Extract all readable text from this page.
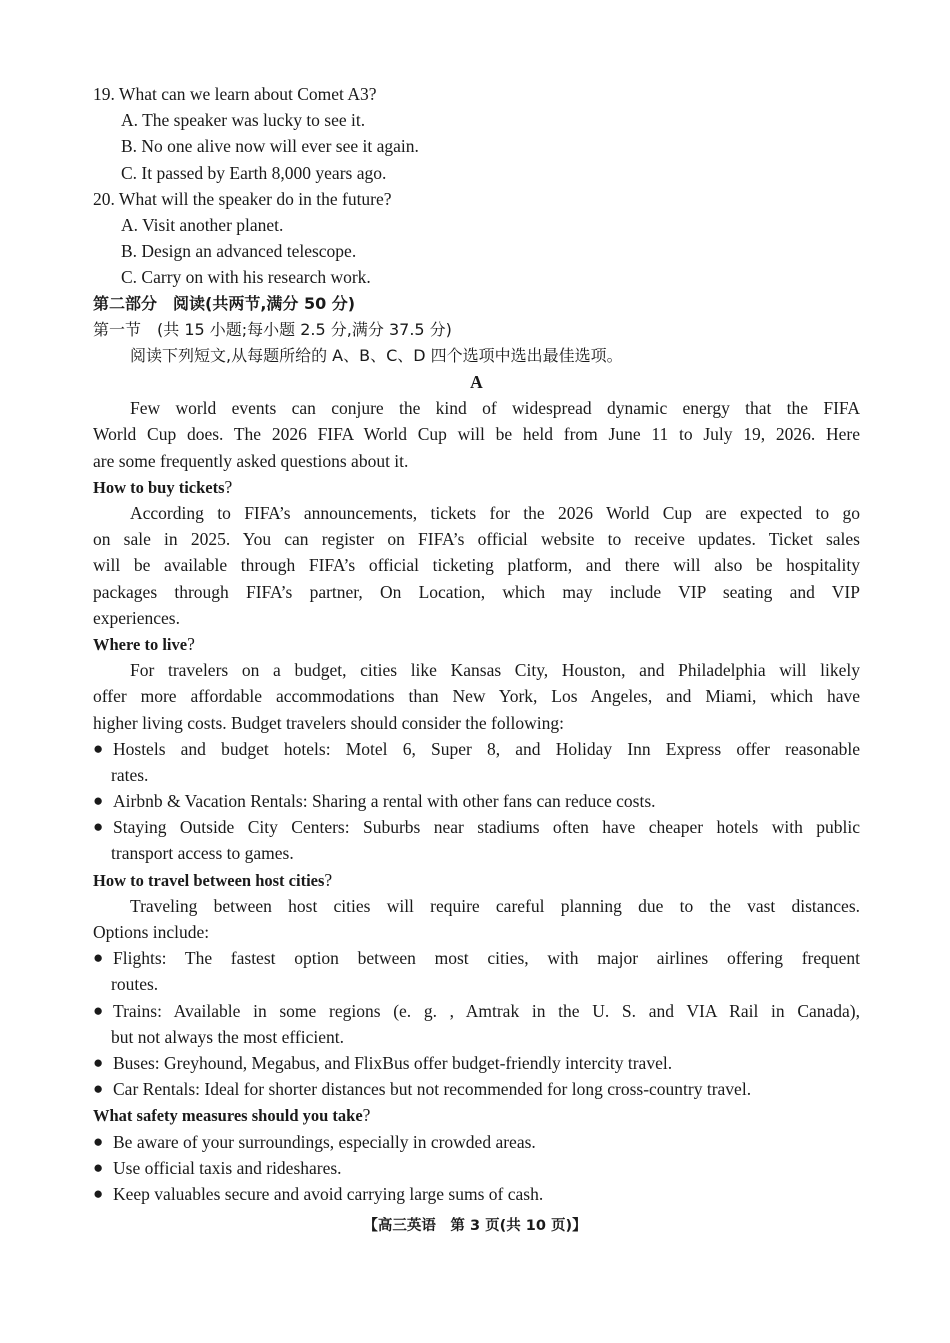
19. What can we learn about Comet A3?
A. The speaker was lucky to see it.
B. No one alive now will ever see it again.
C. It passed by Earth 8,000 years ago.
20. What will the speaker do in the future?
A. Visit another planet.
B. Design an advanced telescope.
C. Carry on with his research work.
第二部分　阅读(共两节,满分 50 分)
第一节　(共 15 小题;每小题 2.5 分,满分 37.5 分)
阅读下列短文,从每题所给的 A、B、C、D 四个选项中选出最佳选项。
A
Few world events can conjure the kind of widespread dynamic energy that the FIFA
World Cup does. The 2026 FIFA World Cup will be held from June 11 to July 19, 2026. Here
are some frequently asked questions about it.
How to buy tickets?
According to FIFA’s announcements, tickets for the 2026 World Cup are expected to go
on sale in 2025. You can register on FIFA’s official website to receive updates. Ticket sales
will be available through FIFA’s official ticketing platform, and there will also be hospitality
packages through FIFA’s partner, On Location, which may include VIP seating and VIP
experiences.
Where to live?
For travelers on a budget, cities like Kansas City, Houston, and Philadelphia will likely
offer more affordable accommodations than New York, Los Angeles, and Miami, which have
higher living costs. Budget travelers should consider the following:
● Hostels and budget hotels: Motel 6, Super 8, and Holiday Inn Express offer reasonable
rates.
● Airbnb & Vacation Rentals: Sharing a rental with other fans can reduce costs.
● Staying Outside City Centers: Suburbs near stadiums often have cheaper hotels with public
transport access to games.
How to travel between host cities?
Traveling between host cities will require careful planning due to the vast distances.
Options include:
● Flights: The fastest option between most cities, with major airlines offering frequent
routes.
● Trains: Available in some regions (e. g. , Amtrak in the U. S. and VIA Rail in Canada),
but not always the most efficient.
● Buses: Greyhound, Megabus, and FlixBus offer budget-friendly intercity travel.
● Car Rentals: Ideal for shorter distances but not recommended for long cross-country travel.
What safety measures should you take?
● Be aware of your surroundings, especially in crowded areas.
● Use official taxis and rideshares.
● Keep valuables secure and avoid carrying large sums of cash.
【高三英语　第 3 页(共 10 页)】
